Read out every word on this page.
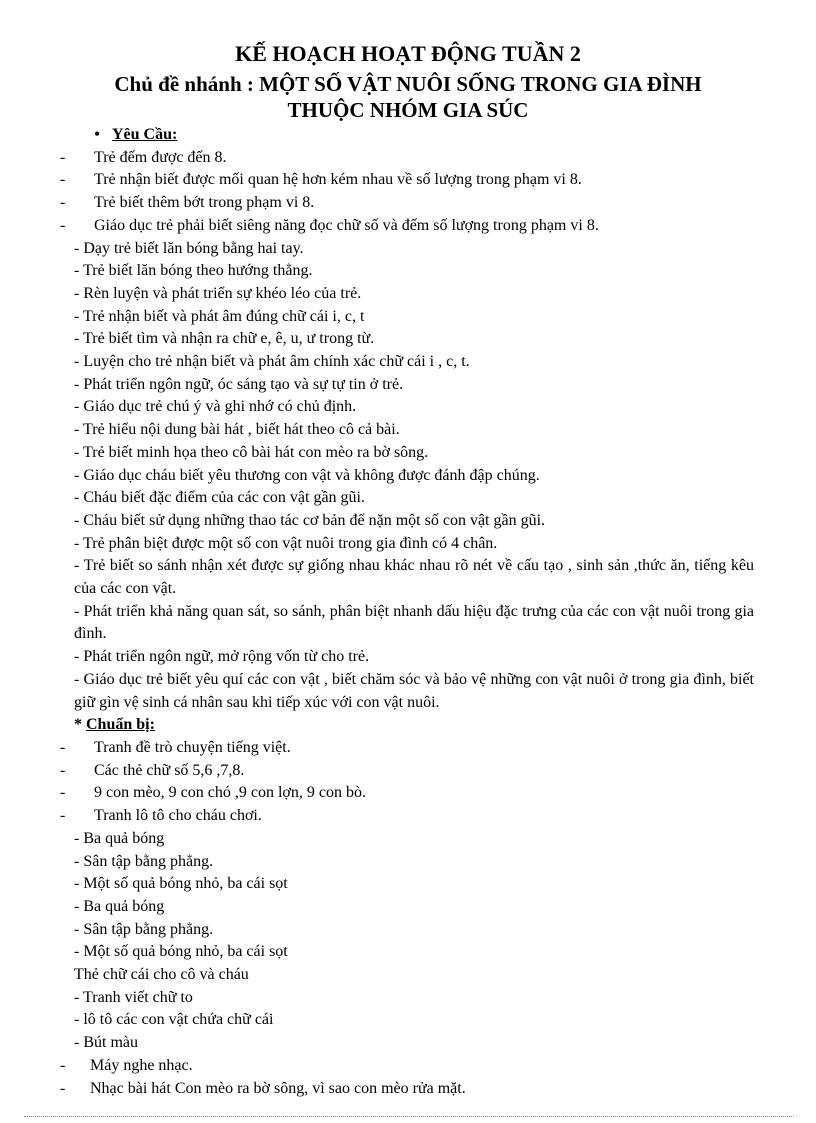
KẾ HOẠCH HOẠT ĐỘNG TUẦN 2
Chủ đề nhánh : MỘT SỐ VẬT NUÔI SỐNG TRONG GIA ĐÌNH
THUỘC NHÓM GIA SÚC
• Yêu Cầu:
- Trẻ đếm được đến 8.
- Trẻ nhận biết được mối quan hệ hơn kém nhau về số lượng trong phạm vi 8.
- Trẻ biết thêm bớt trong phạm vi 8.
- Giáo dục trẻ phải biết siêng năng đọc chữ số và đếm số lượng trong phạm vi 8.
- Dạy trẻ biết lăn bóng bằng hai tay.
- Trẻ biết lăn bóng theo hướng thẳng.
- Rèn luyện và phát triển sự khéo léo của trẻ.
- Trẻ nhận biết và phát âm đúng chữ cái i, c, t
- Trẻ biết tìm và nhận ra chữ e, ê, u, ư trong từ.
- Luyện cho trẻ nhận biết và phát âm chính xác chữ cái i , c, t.
- Phát triển ngôn ngữ, óc sáng tạo và sự tự tin ở trẻ.
- Giáo dục trẻ chú ý và ghi nhớ có chủ định.
- Trẻ hiểu nội dung bài hát , biết hát theo cô cả bài.
- Trẻ biết minh họa theo cô bài hát con mèo ra bờ sông.
- Giáo dục cháu biết yêu thương con vật và không được đánh đập chúng.
- Cháu biết đặc điểm của các con vật gần gũi.
- Cháu biết sử dụng những thao tác cơ bản để nặn một số con vật gần gũi.
- Trẻ phân biệt được một số con vật nuôi trong gia đình có 4 chân.
- Trẻ biết so sánh nhận xét được sự giống nhau khác nhau rõ nét về cấu tạo , sinh sản ,thức ăn, tiếng kêu của các con vật.
- Phát triển khả năng quan sát, so sánh, phân biệt nhanh dấu hiệu đặc trưng của các con vật nuôi trong gia đình.
- Phát triển ngôn ngữ, mở rộng vốn từ cho trẻ.
- Giáo dục trẻ biết yêu quí các con vật , biết chăm sóc và bảo vệ những con vật nuôi ở trong gia đình, biết giữ gìn vệ sinh cá nhân sau khi tiếp xúc với con vật nuôi.
* Chuẩn bị:
- Tranh đề trò chuyện tiếng việt.
- Các thẻ chữ số 5,6 ,7,8.
- 9 con mèo, 9 con chó ,9 con lợn, 9 con bò.
- Tranh lô tô cho cháu chơi.
- Ba quả bóng
- Sân tập bằng phẳng.
- Một số quả bóng nhỏ, ba cái sọt
- Ba quả bóng
- Sân tập bằng phẳng.
- Một số quả bóng nhỏ, ba cái sọt
Thẻ chữ cái cho cô và cháu
- Tranh viết chữ to
- lô tô các con vật chứa chữ cái
- Bút màu
- Máy nghe nhạc.
- Nhạc bài hát Con mèo ra bờ sông, vì sao con mèo rửa mặt.
